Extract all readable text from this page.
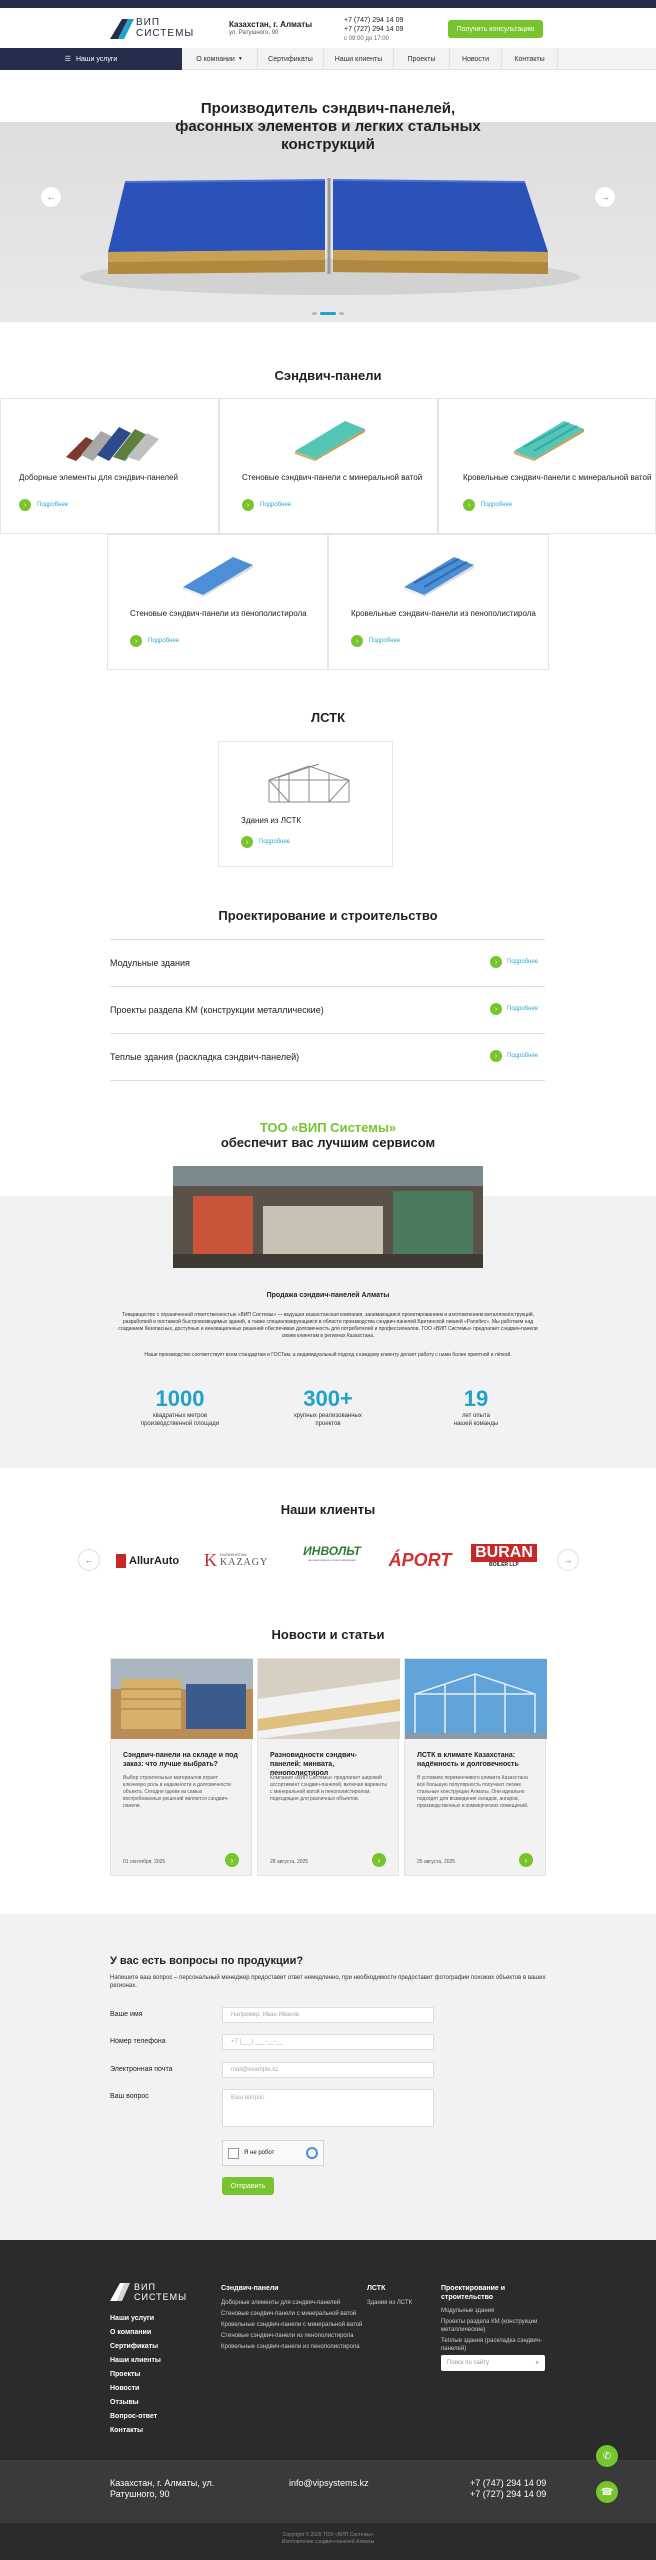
ВИП
СИСТЕМЫ
Казахстан, г. Алматы
ул. Ратушного, 90
+7 (747) 294 14 09
+7 (727) 294 14 09
с 09:00 до 17:00
Получить консультацию
☰ Наши услуги	О компании ▼	Сертификаты	Наши клиенты	Проекты	Новости	Контакты
Производитель сэндвич-панелей,
фасонных элементов и легких стальных
конструкций
←	→
Сэндвич-панели
Доборные элементы для сэндвич-панелей
›	Подробнее
Стеновые сэндвич-панели с минеральной ватой
›	Подробнее
Кровельные сэндвич-панели с минеральной ватой
›	Подробнее
Стеновые сэндвич-панели из пенополистирола
›	Подробнее
Кровельные сэндвич-панели из пенополистирола
›	Подробнее
ЛСТК
Здания из ЛСТК
›	Подробнее
Проектирование и строительство
Модульные здания	›	Подробнее
Проекты раздела КМ (конструкции металлические)	›	Подробнее
Теплые здания (раскладка сэндвич-панелей)	›	Подробнее
ТОО «ВИП Системы»
обеспечит вас лучшим сервисом
Продажа сэндвич-панелей Алматы
Товарищество с ограниченной ответственностью «ВИП Системы» — ведущая казахстанская компания, занимающаяся проектированием и изготовлением металлоконструкций, разработкой и поставкой быстровозводимых зданий, а также специализирующаяся в области производства сэндвич-панелей Бритинской линией «Paneltec». Мы работаем над созданием безопасных, доступных и инновационных решений обеспечивая долговечность для потребителей и профессионалов. ТОО «ВИП Системы» предлагает сэндвич-панели своим клиентам в регионах Казахстана.
Наше производство соответствует всем стандартам и ГОСТам, а индивидуальный подход к каждому клиенту делает работу с нами более приятной и лёгкой.
1000
квадратных метров
производственной площади
300+
крупных реализованных
проектов
19
лет опыта
нашей команды
Наши клиенты
←	→
AllurAuto K KAZAKHSTAN
KAZAGY
ИНВОЛЬТ
автоматизация и электрификация ÁPORT BURAN
BOILER LLP
Новости и статьи
Сэндвич-панели на складе и под заказ: что лучше выбрать?
Выбор строительных материалов играет ключевую роль в надежности и долговечности объекта. Сегодня одним из самых востребованных решений являются сэндвич-панели.
01 сентября, 2025	›
Разновидности сэндвич-панелей: минвата, пенополистирол
Компания «ВИП Системы» предлагает широкий ассортимент сэндвич-панелей, включая варианты с минеральной ватой и пенополистиролом, подходящие для различных объектов.
28 августа, 2025	›
ЛСТК в климате Казахстана: надёжность и долговечность
В условиях переменчивого климата Казахстана всё большую популярность получают легкие стальные конструкции Алматы. Они идеально подходят для возведения складов, ангаров, производственных и коммерческих помещений.
25 августа, 2025	›
У вас есть вопросы по продукции?
Напишите ваш вопрос – персональный менеджер предоставит ответ немедленно, при необходимости предоставит фотографии похожих объектов в ваших регионах.
Ваше имя	Например, Иван Иванов
Номер телефона	+7 (___) ___-__-__
Электронная почта	mail@example.kz
Ваш вопрос	Ваш вопрос
Я не робот
Отправить
ВИП
СИСТЕМЫ
Наши услуги
О компании
Сертификаты
Наши клиенты
Проекты
Новости
Отзывы
Вопрос-ответ
Контакты
Сэндвич-панели
Доборные элементы для сэндвич-панелей
Стеновые сэндвич-панели с минеральной ватой
Кровельные сэндвич-панели с минеральной ватой
Стеновые сэндвич-панели из пенополистирола
Кровельные сэндвич-панели из пенополистирола
ЛСТК
Здания из ЛСТК
Проектирование и
строительство
Модульные здания
Проекты раздела КМ (конструкции металлические)
Теплые здания (раскладка сэндвич-панелей)
Поиск по сайту	⌕
Казахстан, г. Алматы, ул.
Ратушного, 90
info@vipsystems.kz	+7 (747) 294 14 09
+7 (727) 294 14 09
Copyright © 2025 ТОО «ВИП Системы»
Изготовление сэндвич-панелей Алматы
✆
☎
